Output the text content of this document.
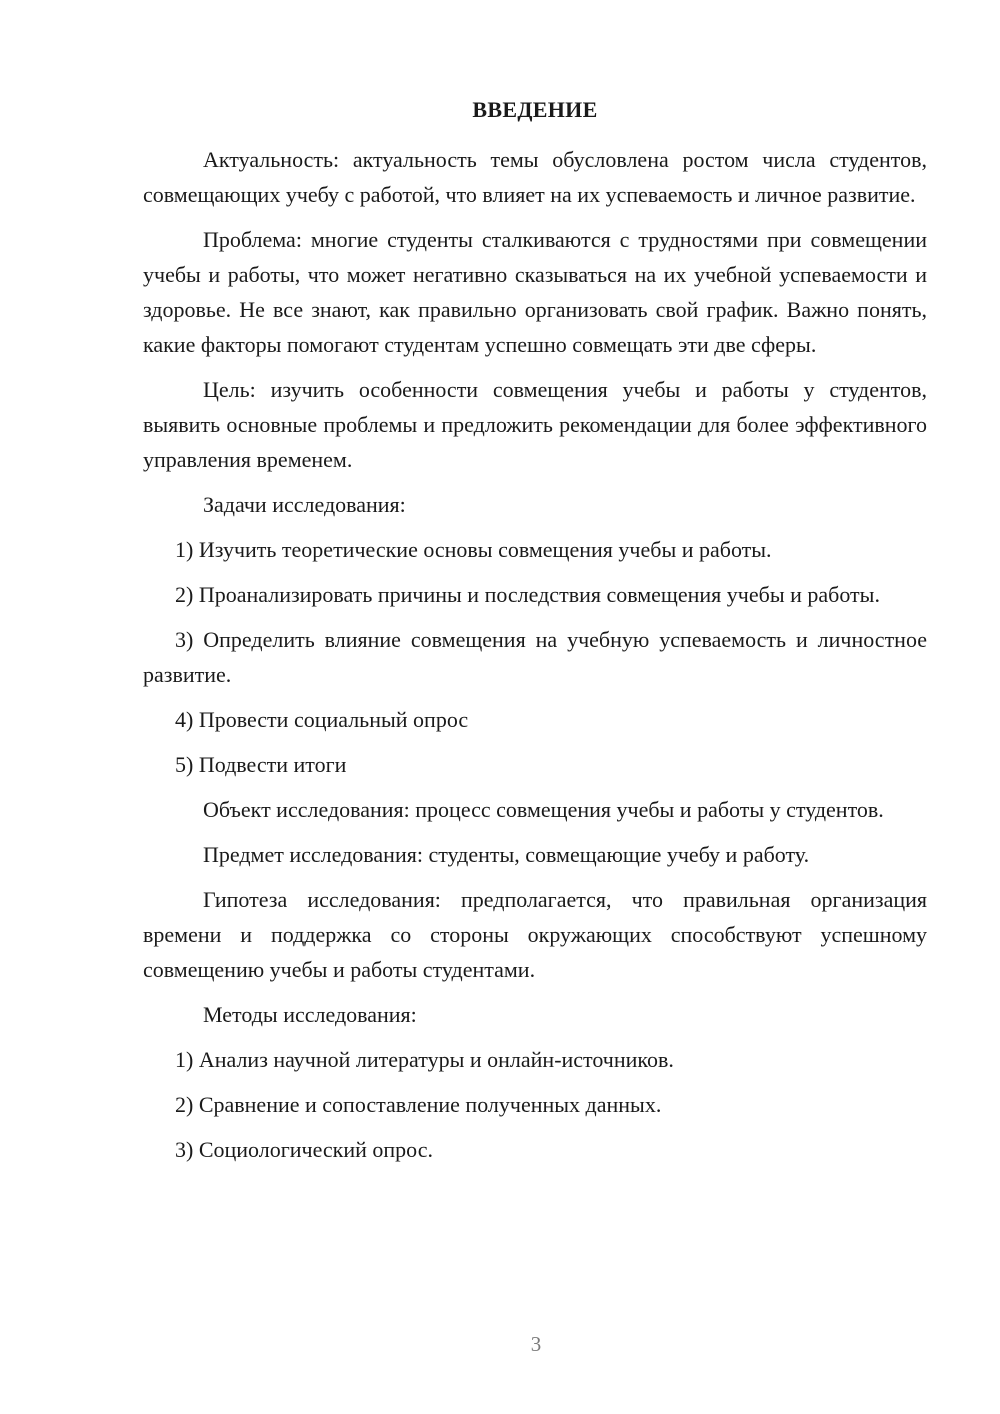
ВВЕДЕНИЕ

Актуальность: актуальность темы обусловлена ростом числа студентов, совмещающих учебу с работой, что влияет на их успеваемость и личное развитие.

Проблема: многие студенты сталкиваются с трудностями при совмещении учебы и работы, что может негативно сказываться на их учебной успеваемости и здоровье. Не все знают, как правильно организовать свой график. Важно понять, какие факторы помогают студентам успешно совмещать эти две сферы.

Цель: изучить особенности совмещения учебы и работы у студентов, выявить основные проблемы и предложить рекомендации для более эффективного управления временем.

Задачи исследования:

1) Изучить теоретические основы совмещения учебы и работы.

2) Проанализировать причины и последствия совмещения учебы и работы.

3) Определить влияние совмещения на учебную успеваемость и личностное развитие.

4) Провести социальный опрос

5) Подвести итоги

Объект исследования: процесс совмещения учебы и работы у студентов.

Предмет исследования: студенты, совмещающие учебу и работу.

Гипотеза исследования: предполагается, что правильная организация времени и поддержка со стороны окружающих способствуют успешному совмещению учебы и работы студентами.

Методы исследования:

1) Анализ научной литературы и онлайн-источников.

2) Сравнение и сопоставление полученных данных.

3) Социологический опрос.

3
